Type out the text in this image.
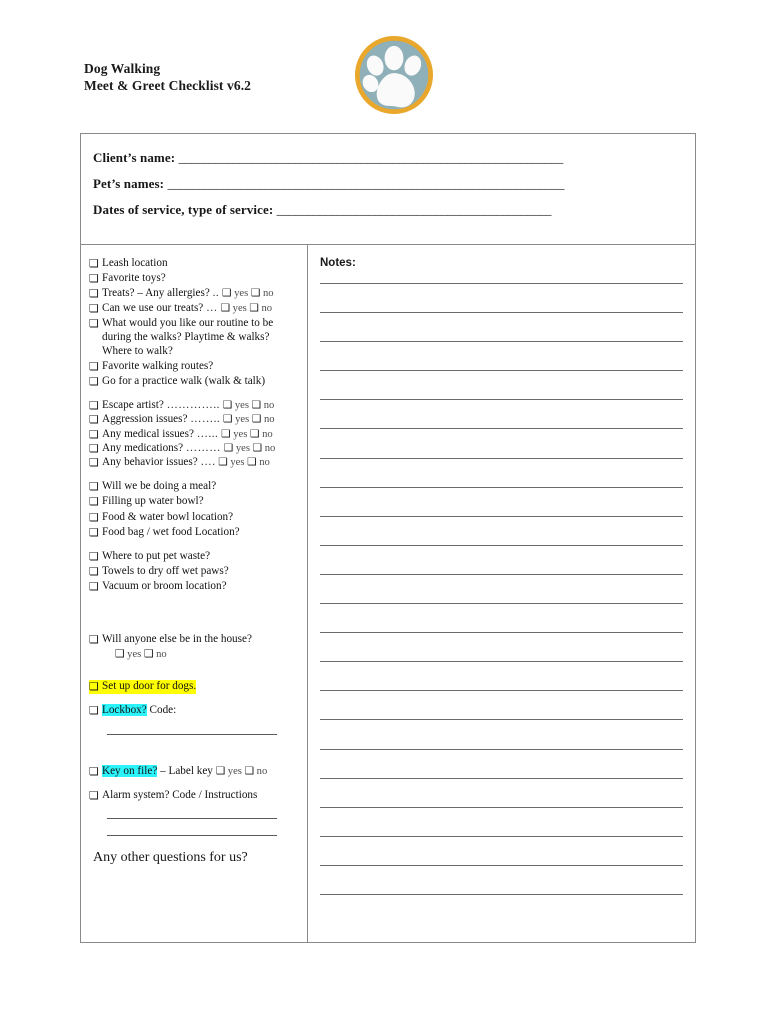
Dog Walking
Meet & Greet Checklist v6.2
Client’s name: _______________________________________________________________
Pet’s names: _________________________________________________________________
Dates of service, type of service: _____________________________________________
❏ Leash location
❏ Favorite toys?
❏ Treats? – Any allergies? .. ❑ yes ❑ no
❏ Can we use our treats? … ❑ yes ❑ no
❏ What would you like our routine to be during the walks? Playtime & walks? Where to walk?
❏ Favorite walking routes?
❏ Go for a practice walk (walk & talk)
❏ Escape artist? ………….. ❑ yes ❑ no
❏ Aggression issues? …….. ❑ yes ❑ no
❏ Any medical issues? …... ❑ yes ❑ no
❏ Any medications? ……… ❑ yes ❑ no
❏ Any behavior issues? …. ❑ yes ❑ no
❏ Will we be doing a meal?
❏ Filling up water bowl?
❏ Food & water bowl location?
❏ Food bag / wet food Location?
❏ Where to put pet waste?
❏ Towels to dry off wet paws?
❏ Vacuum or broom location?
❏ Will anyone else be in the house?
❑ yes ❑ no
❏ Set up door for dogs.
❏ Lockbox? Code:
❏ Key on file? – Label key ❑ yes ❑ no
❏ Alarm system? Code / Instructions
Any other questions for us?
Notes:
